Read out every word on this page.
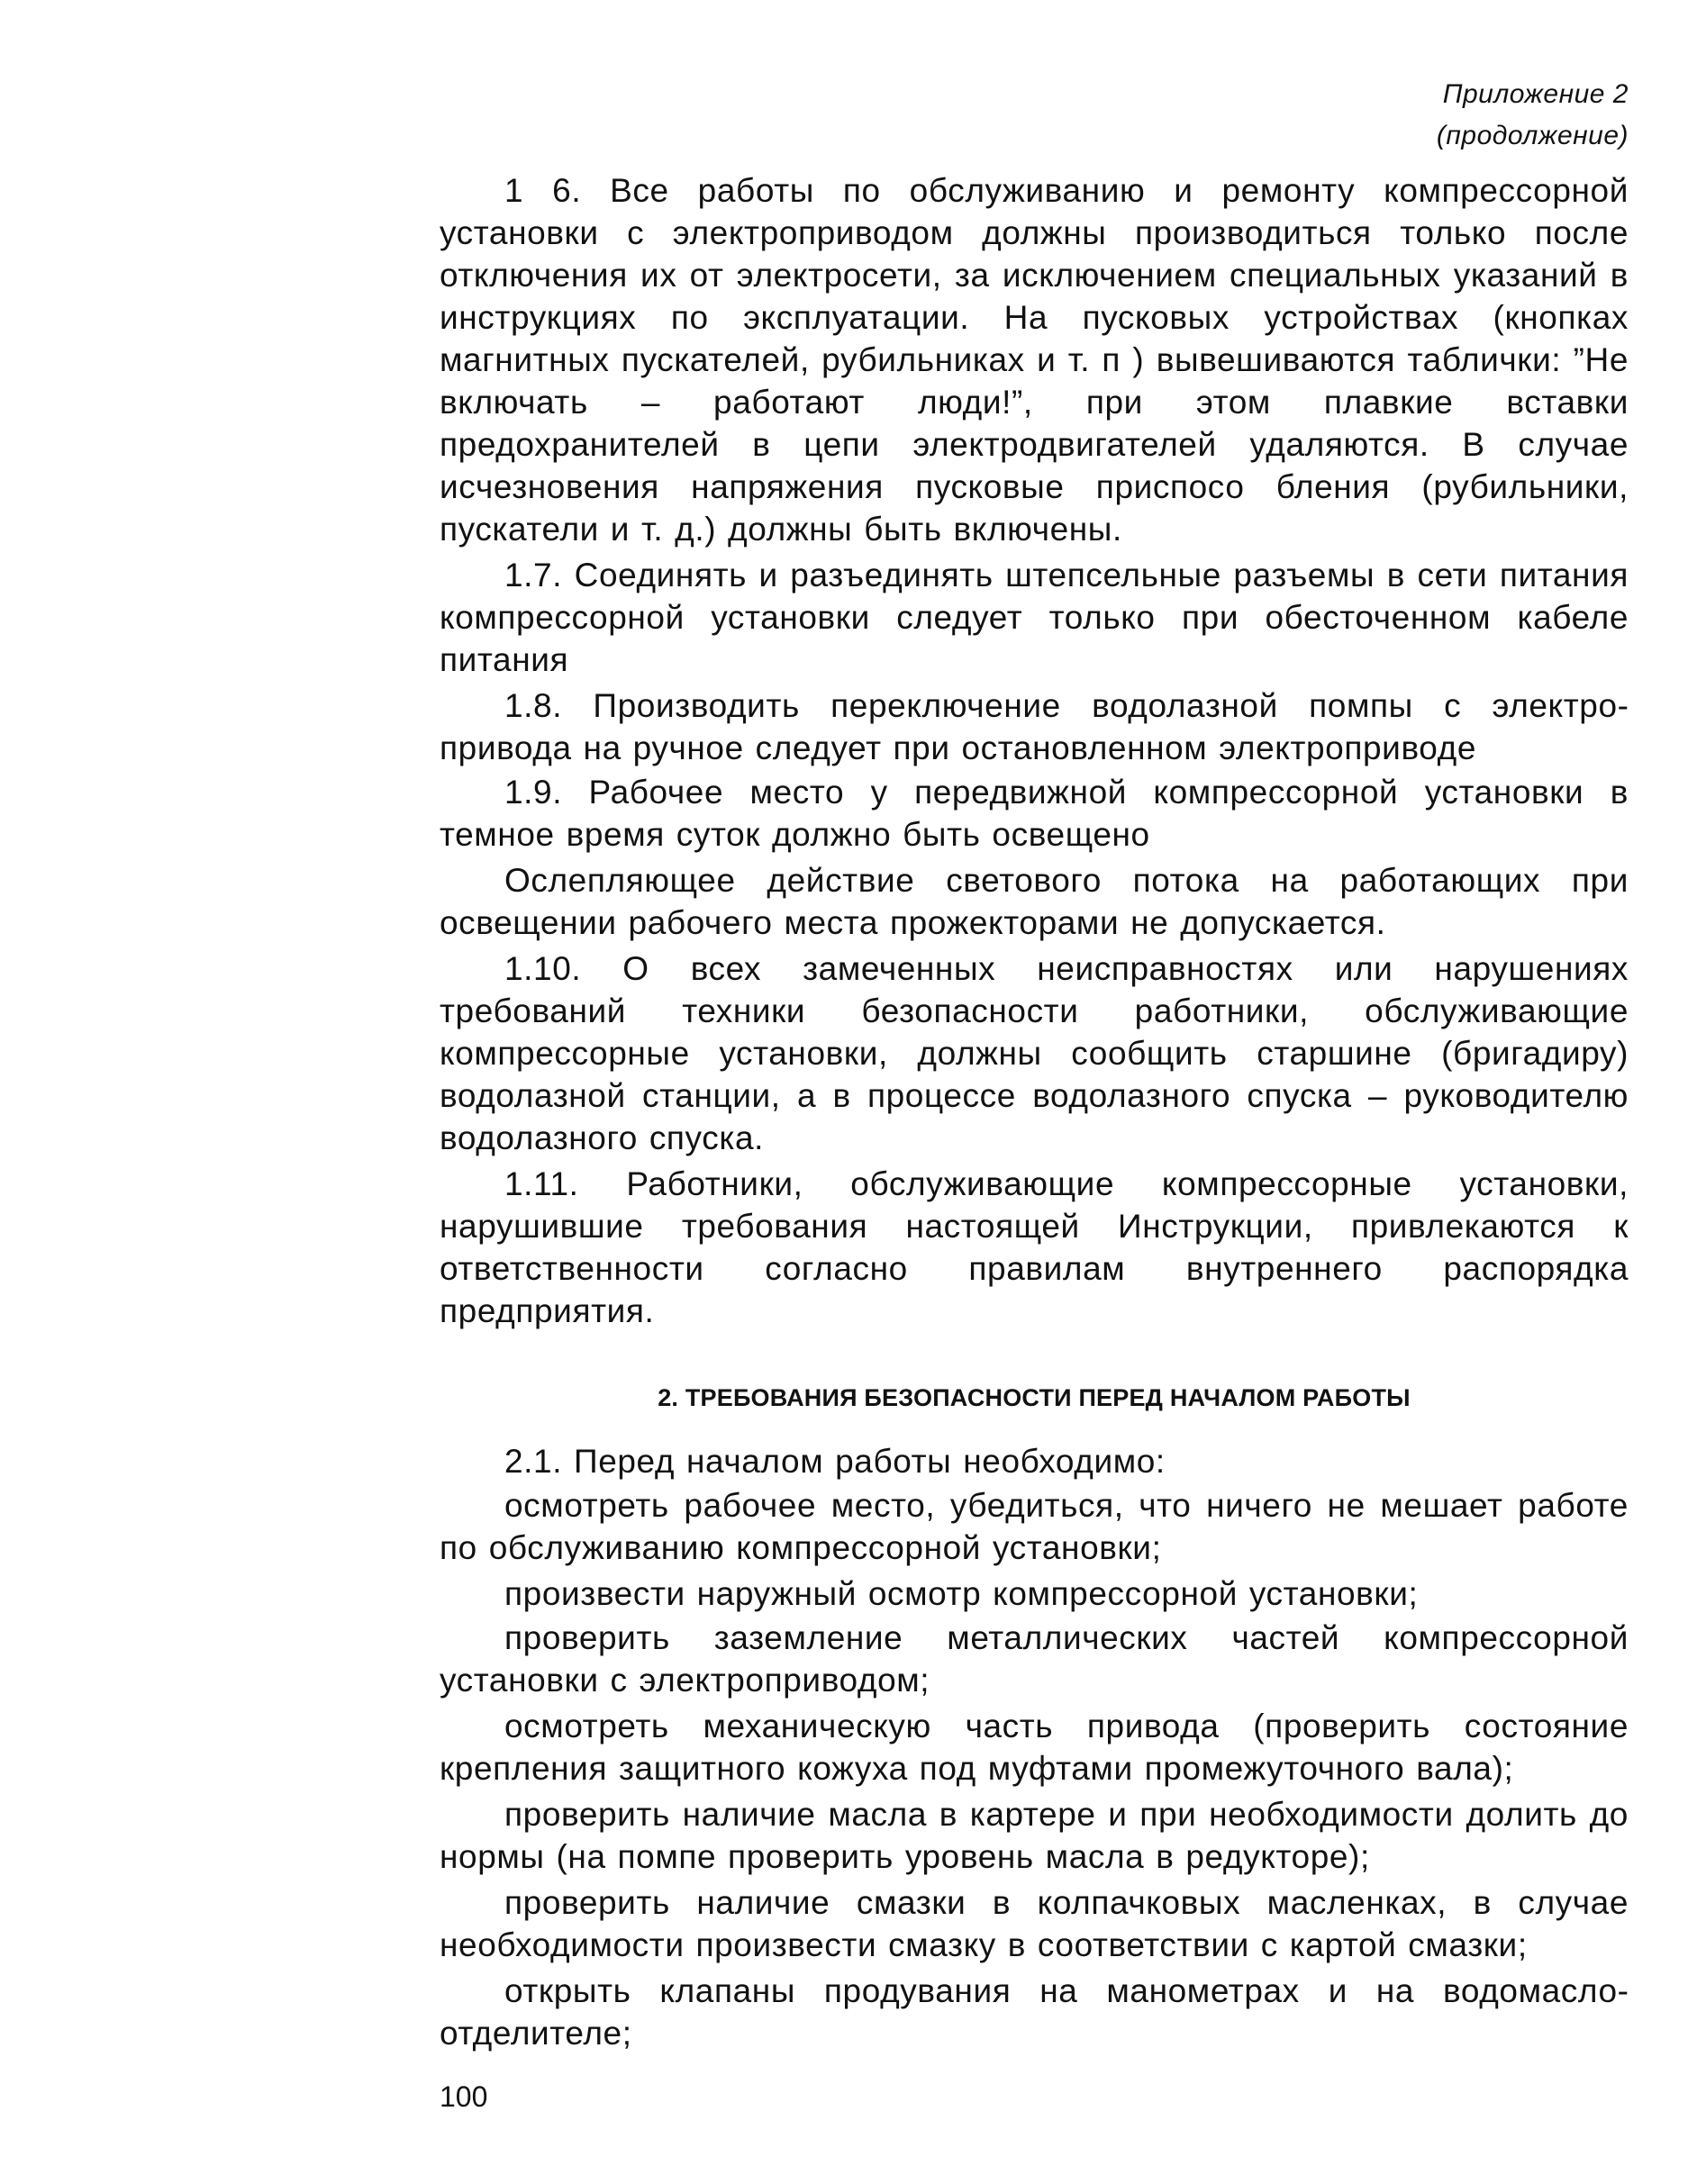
Приложение 2
(продолжение)

1 6. Все работы по обслуживанию и ремонту компрессорной установки с электроприводом должны производиться только после отключения их от электросети, за исключением специальных указаний в инструкциях по эксплуатации. На пусковых устройствах (кнопках магнитных пускателей, рубильниках и т. п ) вывешиваются таблички: ”Не включать – работают люди!”, при этом плавкие вставки предохранителей в цепи электродвигателей удаляются. В случае исчезновения напряжения пусковые приспосо бления (рубильники, пускатели и т. д.) должны быть включены.

1.7. Соединять и разъединять штепсельные разъемы в сети питания компрессорной установки следует только при обесточенном кабеле питания

1.8. Производить переключение водолазной помпы с электропривода на ручное следует при остановленном электроприводе

1.9. Рабочее место у передвижной компрессорной установки в темное время суток должно быть освещено

Ослепляющее действие светового потока на работающих при освещении рабочего места прожекторами не допускается.

1.10. О всех замеченных неисправностях или нарушениях требований техники безопасности работники, обслуживающие компрессорные установки, должны сообщить старшине (бригадиру) водолазной станции, а в процессе водолазного спуска – руководителю водолазного спуска.

1.11. Работники, обслуживающие компрессорные установки, нарушившие требования настоящей Инструкции, привлекаются к ответственности согласно правилам внутреннего распорядка предприятия.

2. ТРЕБОВАНИЯ БЕЗОПАСНОСТИ ПЕРЕД НАЧАЛОМ РАБОТЫ

2.1. Перед началом работы необходимо:

осмотреть рабочее место, убедиться, что ничего не мешает работе по обслуживанию компрессорной установки;

произвести наружный осмотр компрессорной установки;

проверить заземление металлических частей компрессорной установки с электроприводом;

осмотреть механическую часть привода (проверить состояние крепления защитного кожуха под муфтами промежуточного вала);

проверить наличие масла в картере и при необходимости долить до нормы (на помпе проверить уровень масла в редукторе);

проверить наличие смазки в колпачковых масленках, в случае необходимости произвести смазку в соответствии с картой смазки;

открыть клапаны продувания на манометрах и на водомаслоотделителе;

100
